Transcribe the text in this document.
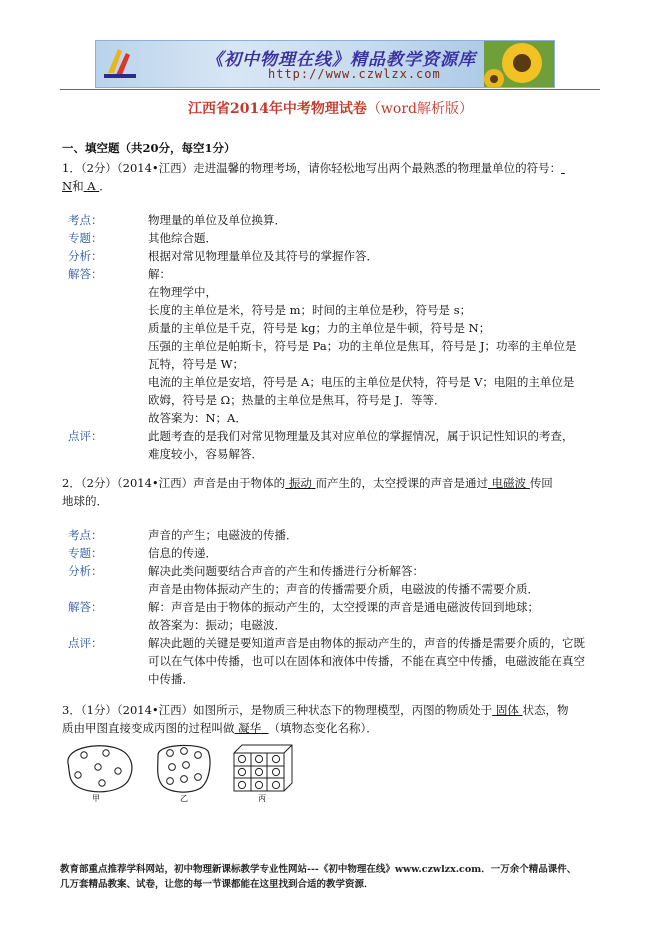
《初中物理在线》精品教学资源库
http://www.czwlzx.com
江西省2014年中考物理试卷（word解析版）
一、填空题（共20分，每空1分）
1．（2分）（2014•江西）走进温馨的物理考场，请你轻松地写出两个最熟悉的物理量单位的符号：
N和 A ．
考点：	物理量的单位及单位换算．
专题：	其他综合题．
分析：	根据对常见物理量单位及其符号的掌握作答．
解答：	解：
在物理学中，
长度的主单位是米，符号是 m；时间的主单位是秒，符号是 s；
质量的主单位是千克，符号是 kg；力的主单位是牛顿，符号是 N；
压强的主单位是帕斯卡，符号是 Pa；功的主单位是焦耳，符号是 J；功率的主单位是
瓦特，符号是 W；
电流的主单位是安培，符号是 A；电压的主单位是伏特，符号是 V；电阻的主单位是
欧姆，符号是 Ω；热量的主单位是焦耳，符号是 J．等等．
故答案为：N；A．
点评：	此题考查的是我们对常见物理量及其对应单位的掌握情况，属于识记性知识的考查，
难度较小，容易解答．
2．（2分）（2014•江西）声音是由于物体的 振动 而产生的，太空授课的声音是通过 电磁波 传回
地球的．
考点：	声音的产生；电磁波的传播．
专题：	信息的传递．
分析：	解决此类问题要结合声音的产生和传播进行分析解答：
声音是由物体振动产生的；声音的传播需要介质，电磁波的传播不需要介质．
解答：	解：声音是由于物体的振动产生的，太空授课的声音是通电磁波传回到地球；
故答案为：振动；电磁波．
点评：	解决此题的关键是要知道声音是由物体的振动产生的，声音的传播是需要介质的，它既
可以在气体中传播，也可以在固体和液体中传播，不能在真空中传播，电磁波能在真空
中传播．
3．（1分）（2014•江西）如图所示，是物质三种状态下的物理模型，丙图的物质处于 固体 状态，物
质由甲图直接变成丙图的过程叫做 凝华 （填物态变化名称）．
甲	乙	丙
教育部重点推荐学科网站，初中物理新课标教学专业性网站---《初中物理在线》www.czwlzx.com．一万余个精品课件、
几万套精品教案、试卷，让您的每一节课都能在这里找到合适的教学资源．
